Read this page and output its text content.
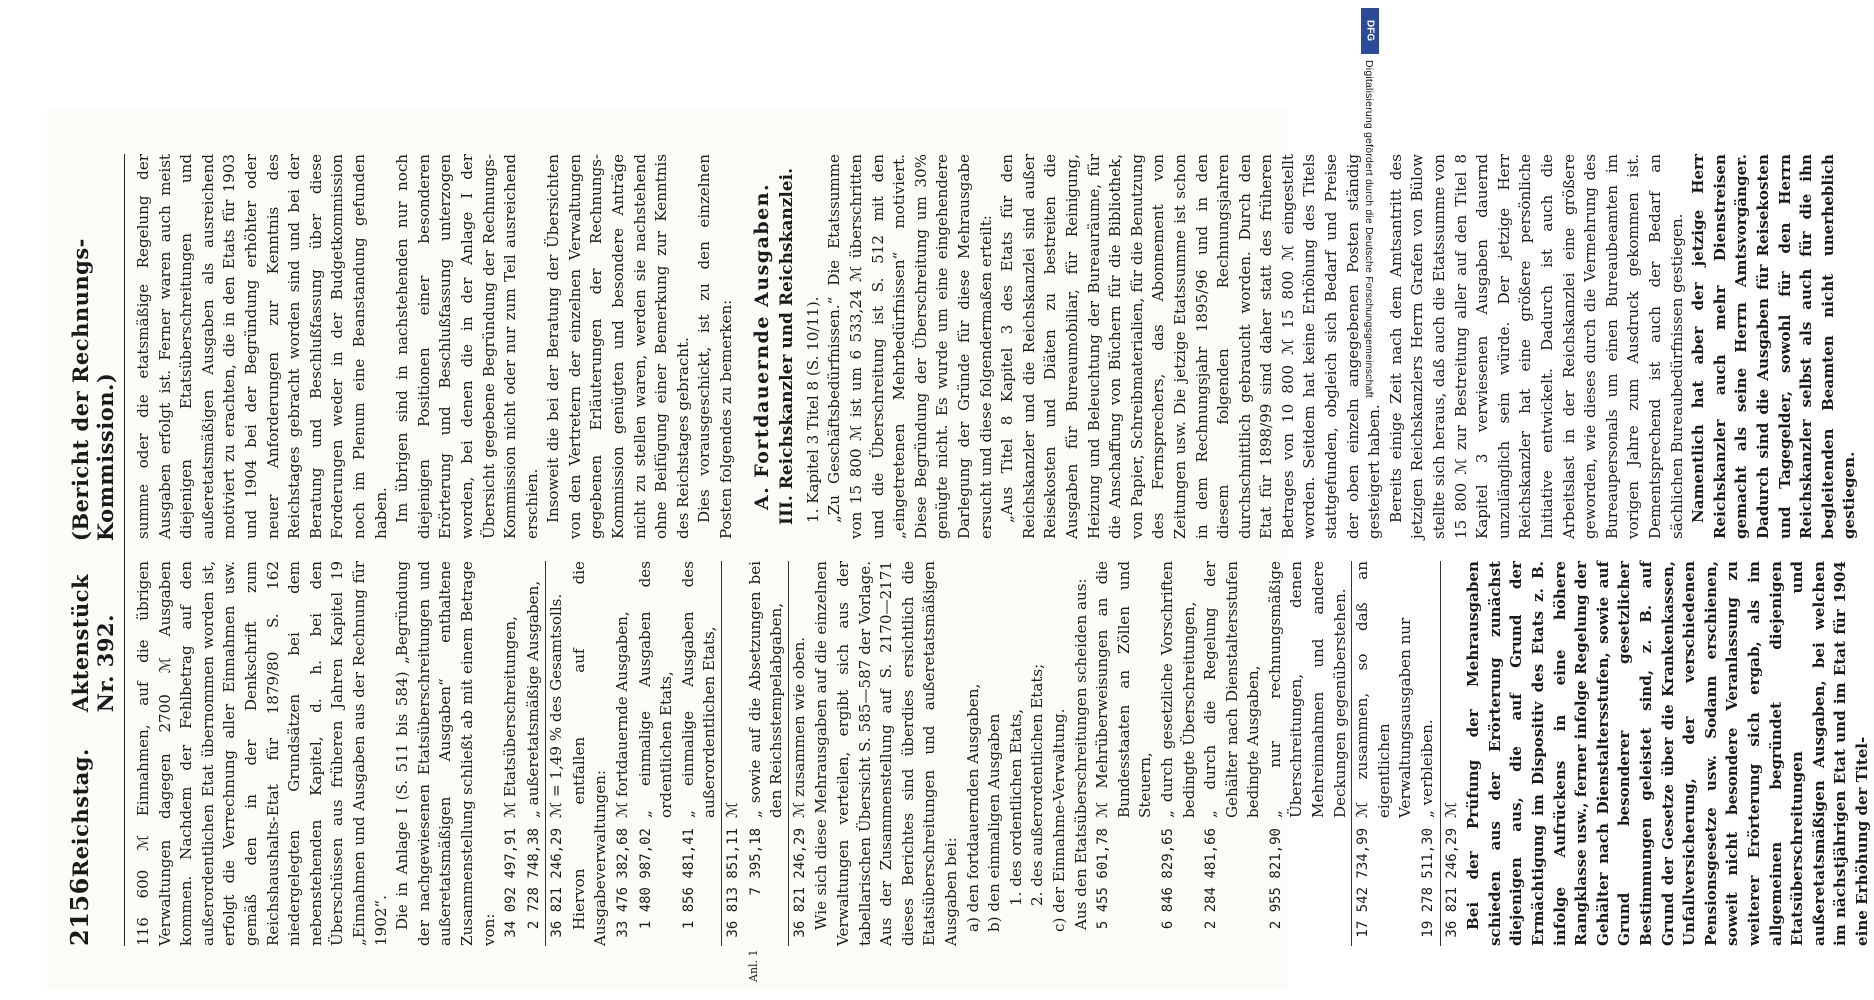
2156
Reichstag.
Aktenstück Nr. 392.
(Bericht der Rechnungs-Kommission.)
Anl. 1

116 600 ℳ Einnahmen, auf die übrigen Verwaltungen dagegen 2700 ℳ Ausgaben kommen. Nachdem der Fehlbetrag auf den außerordentlichen Etat übernommen worden ist, erfolgt die Verrechnung aller Einnahmen usw. gemäß den in der Denkschrift zum Reichshaushalts-Etat für 1879/80 S. 162 niedergelegten Grundsätzen bei dem nebenstehenden Kapitel, d. h. bei den Überschüssen aus früheren Jahren Kapitel 19 „Einnahmen und Ausgaben aus der Rechnung für 1902“. Die in Anlage I (S. 511 bis 584) „Begründung der nachgewiesenen Etatsüberschreitungen und außeretatsmäßigen Ausgaben“ enthaltene Zusammenstellung schließt ab mit einem Betrage von: 34 092 497,91
ℳ Etatsüberschreitungen,
2 728 748,38
„ außeretatsmäßige Ausgaben,
36 821 246,29
ℳ = 1,49 % des Gesamtsolls. Hiervon entfallen auf die Ausgabeverwaltungen: 33 476 382,68
ℳ fortdauernde Ausgaben,
1 480 987,02
„ einmalige Ausgaben des ordentlichen Etats,
1 856 481,41
„ einmalige Ausgaben des außerordentlichen Etats,
36 813 851,11
ℳ
7 395,18
„ sowie auf die Absetzungen bei den Reichsstempelabgaben,
36 821 246,29
ℳ zusammen wie oben. Wie sich diese Mehrausgaben auf die einzelnen Verwaltungen verteilen, ergibt sich aus der tabellarischen Übersicht S. 585—587 der Vorlage. Aus der Zusammenstellung auf S. 2170—2171 dieses Berichtes sind überdies ersichtlich die Etatsüberschreitungen und außeretatsmäßigen Ausgaben bei: a) den fortdauernden Ausgaben, b) den einmaligen Ausgaben 1. des ordentlichen Etats, 2. des außerordentlichen Etats; c) der Einnahme-Verwaltung. Aus den Etatsüberschreitungen scheiden aus: 5 455 601,78
ℳ Mehrüberweisungen an die Bundesstaaten an Zöllen und Steuern,
6 846 829,65
„ durch gesetzliche Vorschriften bedingte Überschreitungen,
2 284 481,66
„ durch die Regelung der Gehälter nach Dienstaltersstufen bedingte Ausgaben,
2 955 821,90
„ nur rechnungsmäßige Überschreitungen, denen Mehreinnahmen und andere Deckungen gegenüberstehen.
17 542 734,99
ℳ zusammen, so daß an eigentlichen Verwaltungsausgaben nur
19 278 511,30
„ verbleiben.
36 821 246,29
ℳ Bei der Prüfung der Mehrausgaben schieden aus der Erörterung zunächst diejenigen aus, die auf Grund der Ermächtigung im Dispositiv des Etats z. B. infolge Aufrückens in eine höhere Rangklasse usw., ferner infolge Regelung der Gehälter nach Dienstaltersstufen, sowie auf Grund besonderer gesetzlicher Bestimmungen geleistet sind, z. B. auf Grund der Gesetze über die Krankenkassen, Unfallversicherung, der verschiedenen Pensionsgesetze usw. Sodann erschienen, soweit nicht besondere Veranlassung zu weiterer Erörterung sich ergab, als im allgemeinen begründet diejenigen Etatsüberschreitungen und außeretatsmäßigen Ausgaben, bei welchen im nächstjährigen Etat und im Etat für 1904 eine Erhöhung der Titel-

summe oder die etatsmäßige Regelung der Ausgaben erfolgt ist. Ferner waren auch meist diejenigen Etatsüberschreitungen und außeretatsmäßigen Ausgaben als ausreichend motiviert zu erachten, die in den Etats für 1903 und 1904 bei der Begründung erhöhter oder neuer Anforderungen zur Kenntnis des Reichstages gebracht worden sind und bei der Beratung und Beschlußfassung über diese Forderungen weder in der Budgetkommission noch im Plenum eine Beanstandung gefunden haben. Im übrigen sind in nachstehenden nur noch diejenigen Positionen einer besonderen Erörterung und Beschlußfassung unterzogen worden, bei denen die in der Anlage I der Übersicht gegebene Begründung der Rechnungs-Kommission nicht oder nur zum Teil ausreichend erschien. Insoweit die bei der Beratung der Übersichten von den Vertretern der einzelnen Verwaltungen gegebenen Erläuterungen der Rechnungs-Kommission genügten und besondere Anträge nicht zu stellen waren, werden sie nachstehend ohne Beifügung einer Bemerkung zur Kenntnis des Reichstages gebracht. Dies vorausgeschickt, ist zu den einzelnen Posten folgendes zu bemerken: A. Fortdauernde Ausgaben. III. Reichskanzler und Reichskanzlei. 1. Kapitel 3 Titel 8 (S. 10/11). „Zu Geschäftsbedürfnissen.“ Die Etatssumme von 15 800 ℳ ist um 6 533,24 ℳ überschritten und die Überschreitung ist S. 512 mit den „eingetretenen Mehrbedürfnissen“ motiviert. Diese Begründung der Überschreitung um 30% genügte nicht. Es wurde um eine eingehendere Darlegung der Gründe für diese Mehrausgabe ersucht und diese folgendermaßen erteilt: „Aus Titel 8 Kapitel 3 des Etats für den Reichskanzler und die Reichskanzlei sind außer Reisekosten und Diäten zu bestreiten die Ausgaben für Bureaumobiliar, für Reinigung, Heizung und Beleuchtung der Bureauräume, für die Anschaffung von Büchern für die Bibliothek, von Papier, Schreibmaterialien, für die Benutzung des Fernsprechers, das Abonnement von Zeitungen usw. Die jetzige Etatssumme ist schon in dem Rechnungsjahr 1895/96 und in den diesem folgenden Rechnungsjahren durchschnittlich gebraucht worden. Durch den Etat für 1898/99 sind daher statt des früheren Betrages von 10 800 ℳ 15 800 ℳ eingestellt worden. Seitdem hat keine Erhöhung des Titels stattgefunden, obgleich sich Bedarf und Preise der oben einzeln angegebenen Posten ständig gesteigert haben. Bereits einige Zeit nach dem Amtsantritt des jetzigen Reichskanzlers Herrn Grafen von Bülow stellte sich heraus, daß auch die Etatssumme von 15 800 ℳ zur Bestreitung aller auf den Titel 8 Kapitel 3 verwiesenen Ausgaben dauernd unzulänglich sein würde. Der jetzige Herr Reichskanzler hat eine größere persönliche Initiative entwickelt. Dadurch ist auch die Arbeitslast in der Reichskanzlei eine größere geworden, wie dieses durch die Vermehrung des Bureaupersonals um einen Bureaubeamten im vorigen Jahre zum Ausdruck gekommen ist. Dementsprechend ist auch der Bedarf an sächlichen Bureaubedürfnissen gestiegen. Namentlich hat aber der jetzige Herr Reichskanzler auch mehr Dienstreisen gemacht als seine Herrn Amtsvorgänger. Dadurch sind die Ausgaben für Reisekosten und Tagegelder, sowohl für den Herrn Reichskanzler selbst als auch für die ihn begleitenden Beamten nicht unerheblich gestiegen.

DFG
Digitalisierung gefördert durch die Deutsche Forschungsgemeinschaft
